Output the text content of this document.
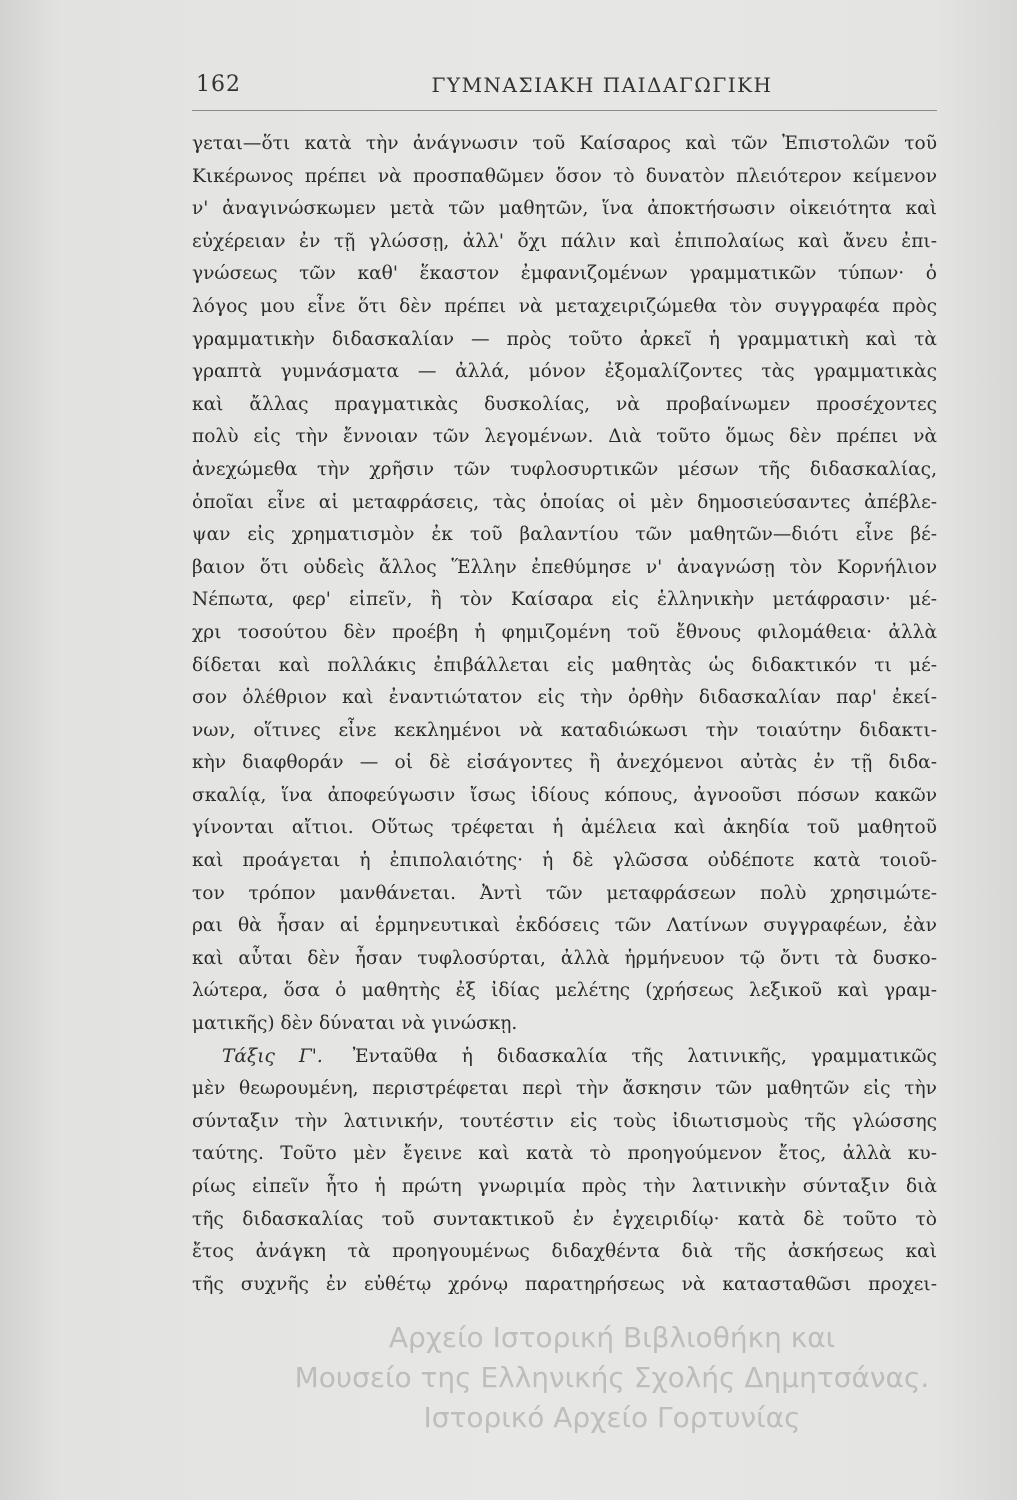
162	ΓΥΜΝΑΣΙΑΚΗ ΠΑΙΔΑΓΩΓΙΚΗ
γεται—ὅτι κατὰ τὴν ἀνάγνωσιν τοῦ Καίσαρος καὶ τῶν Ἐπιστολῶν τοῦ
Κικέρωνος πρέπει νὰ προσπαθῶμεν ὅσον τὸ δυνατὸν πλειότερον κείμενον
ν' ἀναγινώσκωμεν μετὰ τῶν μαθητῶν, ἵνα ἀποκτήσωσιν οἰκειότητα καὶ
εὐχέρειαν ἐν τῇ γλώσσῃ, ἀλλ' ὄχι πάλιν καὶ ἐπιπολαίως καὶ ἄνευ ἐπι-
γνώσεως τῶν καθ' ἕκαστον ἐμφανιζομένων γραμματικῶν τύπων· ὁ
λόγος μου εἶνε ὅτι δὲν πρέπει νὰ μεταχειριζώμεθα τὸν συγγραφέα πρὸς
γραμματικὴν διδασκαλίαν — πρὸς τοῦτο ἀρκεῖ ἡ γραμματικὴ καὶ τὰ
γραπτὰ γυμνάσματα — ἀλλά, μόνον ἐξομαλίζοντες τὰς γραμματικὰς
καὶ ἄλλας πραγματικὰς δυσκολίας, νὰ προβαίνωμεν προσέχοντες
πολὺ εἰς τὴν ἔννοιαν τῶν λεγομένων. Διὰ τοῦτο ὅμως δὲν πρέπει νὰ
ἀνεχώμεθα τὴν χρῆσιν τῶν τυφλοσυρτικῶν μέσων τῆς διδασκαλίας,
ὁποῖαι εἶνε αἱ μεταφράσεις, τὰς ὁποίας οἱ μὲν δημοσιεύσαντες ἀπέβλε-
ψαν εἰς χρηματισμὸν ἐκ τοῦ βαλαντίου τῶν μαθητῶν—διότι εἶνε βέ-
βαιον ὅτι οὐδεὶς ἄλλος Ἕλλην ἐπεθύμησε ν' ἀναγνώσῃ τὸν Κορνήλιον
Νέπωτα, φερ' εἰπεῖν, ἢ τὸν Καίσαρα εἰς ἑλληνικὴν μετάφρασιν· μέ-
χρι τοσούτου δὲν προέβη ἡ φημιζομένη τοῦ ἔθνους φιλομάθεια· ἀλλὰ
δίδεται καὶ πολλάκις ἐπιβάλλεται εἰς μαθητὰς ὡς διδακτικόν τι μέ-
σον ὀλέθριον καὶ ἐναντιώτατον εἰς τὴν ὀρθὴν διδασκαλίαν παρ' ἐκεί-
νων, οἵτινες εἶνε κεκλημένοι νὰ καταδιώκωσι τὴν τοιαύτην διδακτι-
κὴν διαφθοράν — οἱ δὲ εἰσάγοντες ἢ ἀνεχόμενοι αὐτὰς ἐν τῇ διδα-
σκαλίᾳ, ἵνα ἀποφεύγωσιν ἴσως ἰδίους κόπους, ἀγνοοῦσι πόσων κακῶν
γίνονται αἴτιοι. Οὕτως τρέφεται ἡ ἀμέλεια καὶ ἀκηδία τοῦ μαθητοῦ
καὶ προάγεται ἡ ἐπιπολαιότης· ἡ δὲ γλῶσσα οὐδέποτε κατὰ τοιοῦ-
τον τρόπον μανθάνεται. Ἀντὶ τῶν μεταφράσεων πολὺ χρησιμώτε-
ραι θὰ ἦσαν αἱ ἑρμηνευτικαὶ ἐκδόσεις τῶν Λατίνων συγγραφέων, ἐὰν
καὶ αὗται δὲν ἦσαν τυφλοσύρται, ἀλλὰ ἡρμήνευον τῷ ὄντι τὰ δυσκο-
λώτερα, ὅσα ὁ μαθητὴς ἐξ ἰδίας μελέτης (χρήσεως λεξικοῦ καὶ γραμ-
ματικῆς) δὲν δύναται νὰ γινώσκῃ.
Τάξις Γ'. Ἐνταῦθα ἡ διδασκαλία τῆς λατινικῆς, γραμματικῶς
μὲν θεωρουμένη, περιστρέφεται περὶ τὴν ἄσκησιν τῶν μαθητῶν εἰς τὴν
σύνταξιν τὴν λατινικήν, τουτέστιν εἰς τοὺς ἰδιωτισμοὺς τῆς γλώσσης
ταύτης. Τοῦτο μὲν ἔγεινε καὶ κατὰ τὸ προηγούμενον ἔτος, ἀλλὰ κυ-
ρίως εἰπεῖν ἦτο ἡ πρώτη γνωριμία πρὸς τὴν λατινικὴν σύνταξιν διὰ
τῆς διδασκαλίας τοῦ συντακτικοῦ ἐν ἐγχειριδίῳ· κατὰ δὲ τοῦτο τὸ
ἔτος ἀνάγκη τὰ προηγουμένως διδαχθέντα διὰ τῆς ἀσκήσεως καὶ
τῆς συχνῆς ἐν εὐθέτῳ χρόνῳ παρατηρήσεως νὰ κατασταθῶσι προχει-
Αρχείο Ιστορική Βιβλιοθήκη και
Μουσείο της Ελληνικής Σχολής Δημητσάνας.
Ιστορικό Αρχείο Γορτυνίας
